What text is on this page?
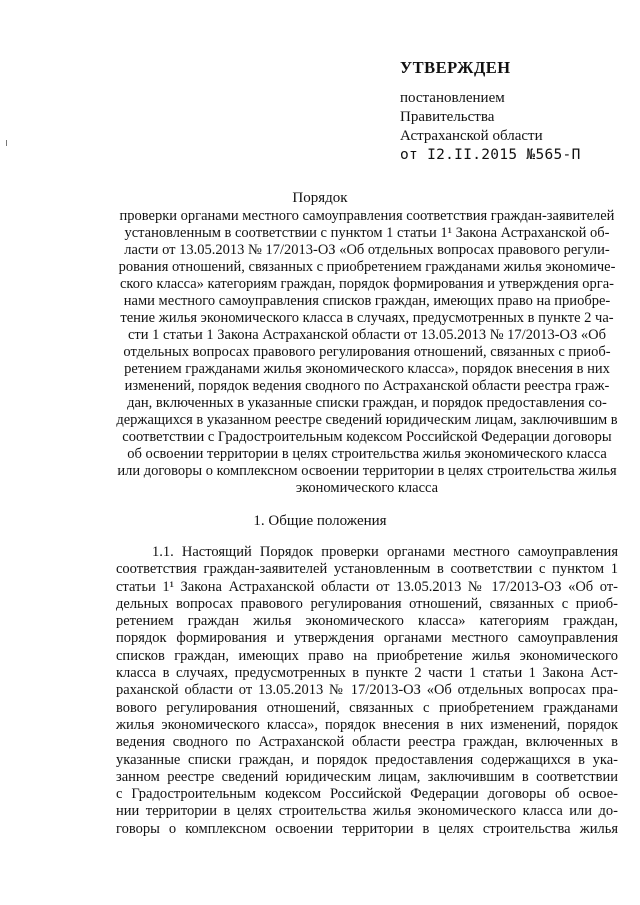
УТВЕРЖДЕН
постановлением
Правительства
Астраханской области
от I2.II.2015 №565-П
Порядок
проверки органами местного самоуправления соответствия граждан-заявителей
установленным в соответствии с пунктом 1 статьи 1¹ Закона Астраханской об-
ласти от 13.05.2013 № 17/2013-ОЗ «Об отдельных вопросах правового регули-
рования отношений, связанных с приобретением гражданами жилья экономиче-
ского класса» категориям граждан, порядок формирования и утверждения орга-
нами местного самоуправления списков граждан, имеющих право на приобре-
тение жилья экономического класса в случаях, предусмотренных в пункте 2 ча-
сти 1 статьи 1 Закона Астраханской области от 13.05.2013 № 17/2013-ОЗ «Об
отдельных вопросах правового регулирования отношений, связанных с приоб-
ретением гражданами жилья экономического класса», порядок внесения в них
изменений, порядок ведения сводного по Астраханской области реестра граж-
дан, включенных в указанные списки граждан, и порядок предоставления со-
держащихся в указанном реестре сведений юридическим лицам, заключившим в
соответствии с Градостроительным кодексом Российской Федерации договоры
об освоении территории в целях строительства жилья экономического класса
или договоры о комплексном освоении территории в целях строительства жилья
экономического класса
1. Общие положения
1.1. Настоящий Порядок проверки органами местного самоуправления
соответствия граждан-заявителей установленным в соответствии с пунктом 1
статьи 1¹ Закона Астраханской области от 13.05.2013 № 17/2013-ОЗ «Об от-
дельных вопросах правового регулирования отношений, связанных с приоб-
ретением граждан жилья экономического класса» категориям граждан,
порядок формирования и утверждения органами местного самоуправления
списков граждан, имеющих право на приобретение жилья экономического
класса в случаях, предусмотренных в пункте 2 части 1 статьи 1 Закона Аст-
раханской области от 13.05.2013 № 17/2013-ОЗ «Об отдельных вопросах пра-
вового регулирования отношений, связанных с приобретением гражданами
жилья экономического класса», порядок внесения в них изменений, порядок
ведения сводного по Астраханской области реестра граждан, включенных в
указанные списки граждан, и порядок предоставления содержащихся в ука-
занном реестре сведений юридическим лицам, заключившим в соответствии
с Градостроительным кодексом Российской Федерации договоры об освое-
нии территории в целях строительства жилья экономического класса или до-
говоры о комплексном освоении территории в целях строительства жилья
